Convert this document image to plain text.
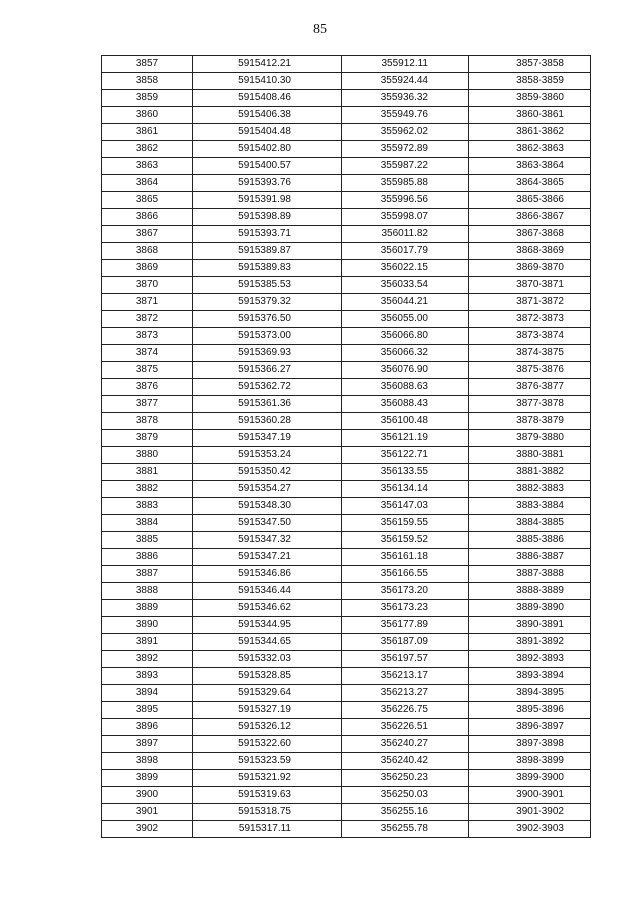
85
3857	5915412.21	355912.11	3857-3858
3858	5915410.30	355924.44	3858-3859
3859	5915408.46	355936.32	3859-3860
3860	5915406.38	355949.76	3860-3861
3861	5915404.48	355962.02	3861-3862
3862	5915402.80	355972.89	3862-3863
3863	5915400.57	355987.22	3863-3864
3864	5915393.76	355985.88	3864-3865
3865	5915391.98	355996.56	3865-3866
3866	5915398.89	355998.07	3866-3867
3867	5915393.71	356011.82	3867-3868
3868	5915389.87	356017.79	3868-3869
3869	5915389.83	356022.15	3869-3870
3870	5915385.53	356033.54	3870-3871
3871	5915379.32	356044.21	3871-3872
3872	5915376.50	356055.00	3872-3873
3873	5915373.00	356066.80	3873-3874
3874	5915369.93	356066.32	3874-3875
3875	5915366.27	356076.90	3875-3876
3876	5915362.72	356088.63	3876-3877
3877	5915361.36	356088.43	3877-3878
3878	5915360.28	356100.48	3878-3879
3879	5915347.19	356121.19	3879-3880
3880	5915353.24	356122.71	3880-3881
3881	5915350.42	356133.55	3881-3882
3882	5915354.27	356134.14	3882-3883
3883	5915348.30	356147.03	3883-3884
3884	5915347.50	356159.55	3884-3885
3885	5915347.32	356159.52	3885-3886
3886	5915347.21	356161.18	3886-3887
3887	5915346.86	356166.55	3887-3888
3888	5915346.44	356173.20	3888-3889
3889	5915346.62	356173.23	3889-3890
3890	5915344.95	356177.89	3890-3891
3891	5915344.65	356187.09	3891-3892
3892	5915332.03	356197.57	3892-3893
3893	5915328.85	356213.17	3893-3894
3894	5915329.64	356213.27	3894-3895
3895	5915327.19	356226.75	3895-3896
3896	5915326.12	356226.51	3896-3897
3897	5915322.60	356240.27	3897-3898
3898	5915323.59	356240.42	3898-3899
3899	5915321.92	356250.23	3899-3900
3900	5915319.63	356250.03	3900-3901
3901	5915318.75	356255.16	3901-3902
3902	5915317.11	356255.78	3902-3903
